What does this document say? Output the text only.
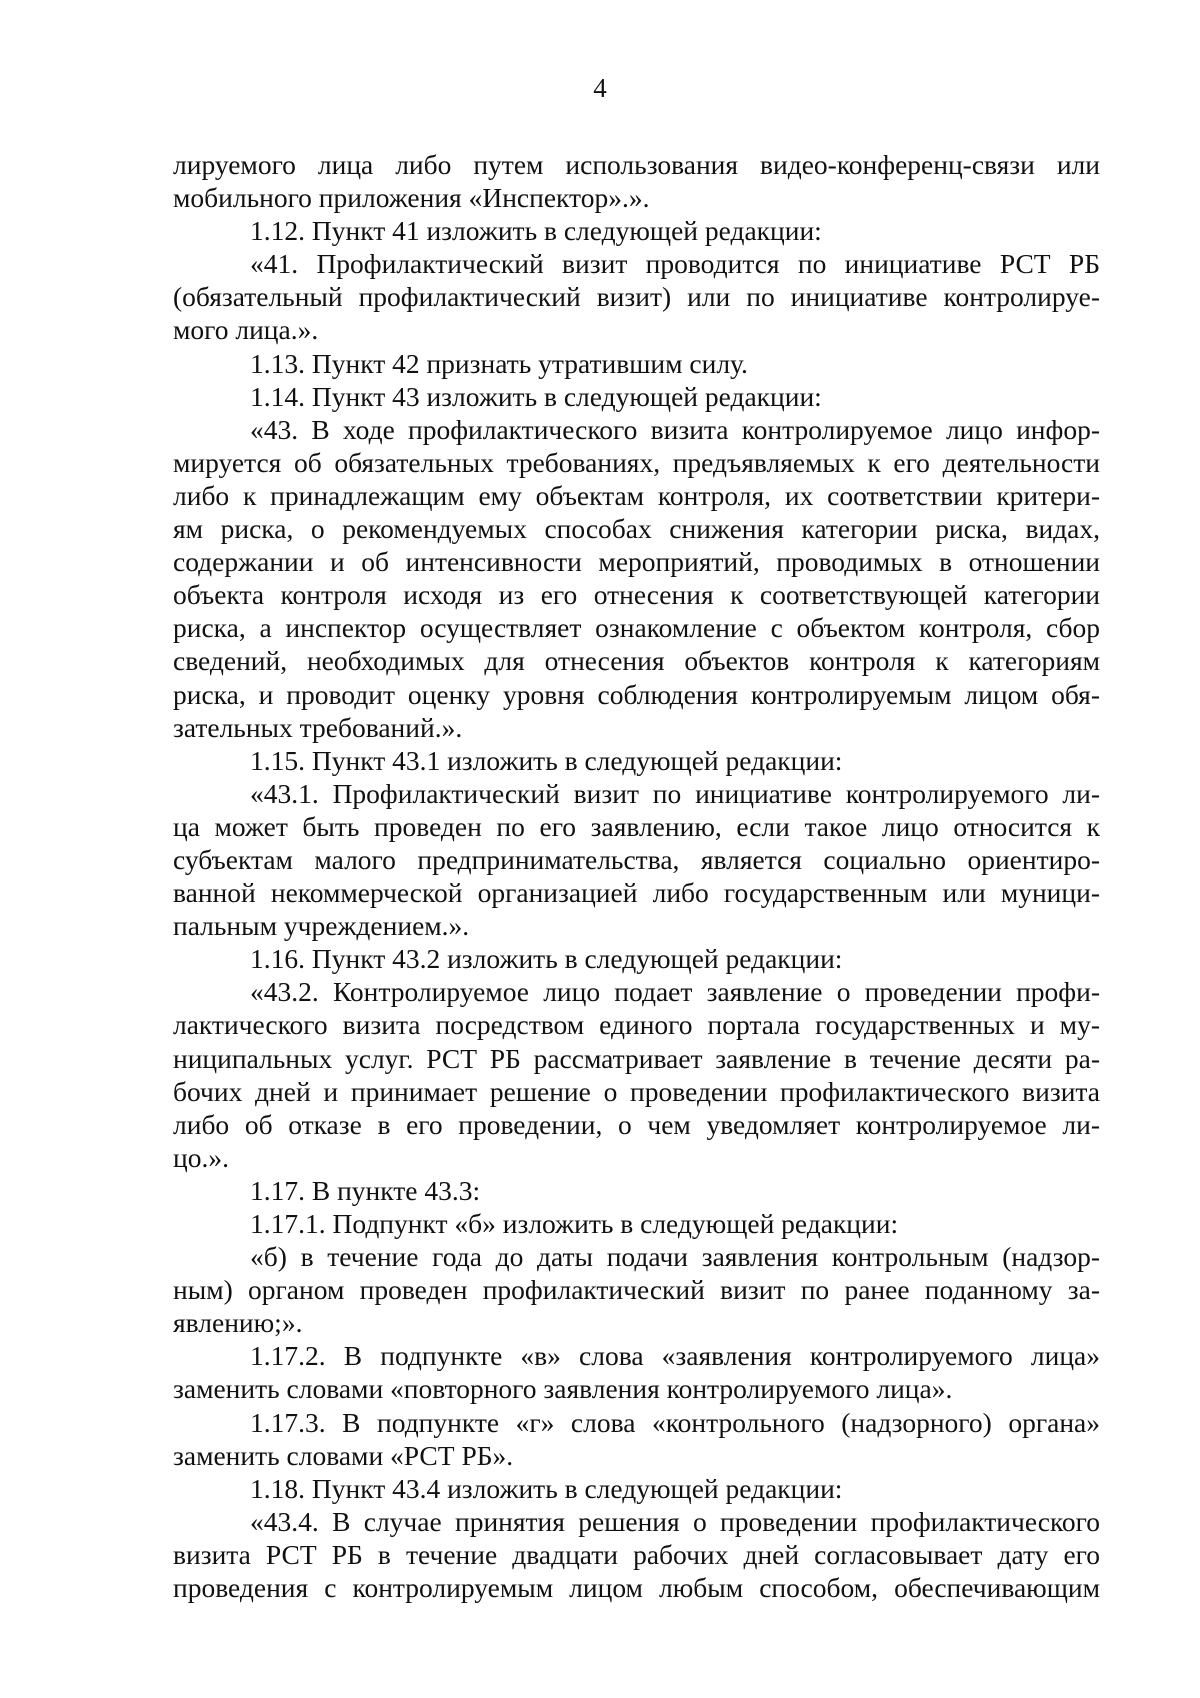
4
лируемого лица либо путем использования видео-конференц-связи или
мобильного приложения «Инспектор».».
1.12. Пункт 41 изложить в следующей редакции:
«41. Профилактический визит проводится по инициативе РСТ РБ
(обязательный профилактический визит) или по инициативе контролируе-
мого лица.».
1.13. Пункт 42 признать утратившим силу.
1.14. Пункт 43 изложить в следующей редакции:
«43. В ходе профилактического визита контролируемое лицо инфор-
мируется об обязательных требованиях, предъявляемых к его деятельности
либо к принадлежащим ему объектам контроля, их соответствии критери-
ям риска, о рекомендуемых способах снижения категории риска, видах,
содержании и об интенсивности мероприятий, проводимых в отношении
объекта контроля исходя из его отнесения к соответствующей категории
риска, а инспектор осуществляет ознакомление с объектом контроля, сбор
сведений, необходимых для отнесения объектов контроля к категориям
риска, и проводит оценку уровня соблюдения контролируемым лицом обя-
зательных требований.».
1.15. Пункт 43.1 изложить в следующей редакции:
«43.1. Профилактический визит по инициативе контролируемого ли-
ца может быть проведен по его заявлению, если такое лицо относится к
субъектам малого предпринимательства, является социально ориентиро-
ванной некоммерческой организацией либо государственным или муници-
пальным учреждением.».
1.16. Пункт 43.2 изложить в следующей редакции:
«43.2. Контролируемое лицо подает заявление о проведении профи-
лактического визита посредством единого портала государственных и му-
ниципальных услуг. РСТ РБ рассматривает заявление в течение десяти ра-
бочих дней и принимает решение о проведении профилактического визита
либо об отказе в его проведении, о чем уведомляет контролируемое ли-
цо.».
1.17. В пункте 43.3:
1.17.1. Подпункт «б» изложить в следующей редакции:
«б) в течение года до даты подачи заявления контрольным (надзор-
ным) органом проведен профилактический визит по ранее поданному за-
явлению;».
1.17.2. В подпункте «в» слова «заявления контролируемого лица»
заменить словами «повторного заявления контролируемого лица».
1.17.3. В подпункте «г» слова «контрольного (надзорного) органа»
заменить словами «РСТ РБ».
1.18. Пункт 43.4 изложить в следующей редакции:
«43.4. В случае принятия решения о проведении профилактического
визита РСТ РБ в течение двадцати рабочих дней согласовывает дату его
проведения с контролируемым лицом любым способом, обеспечивающим
